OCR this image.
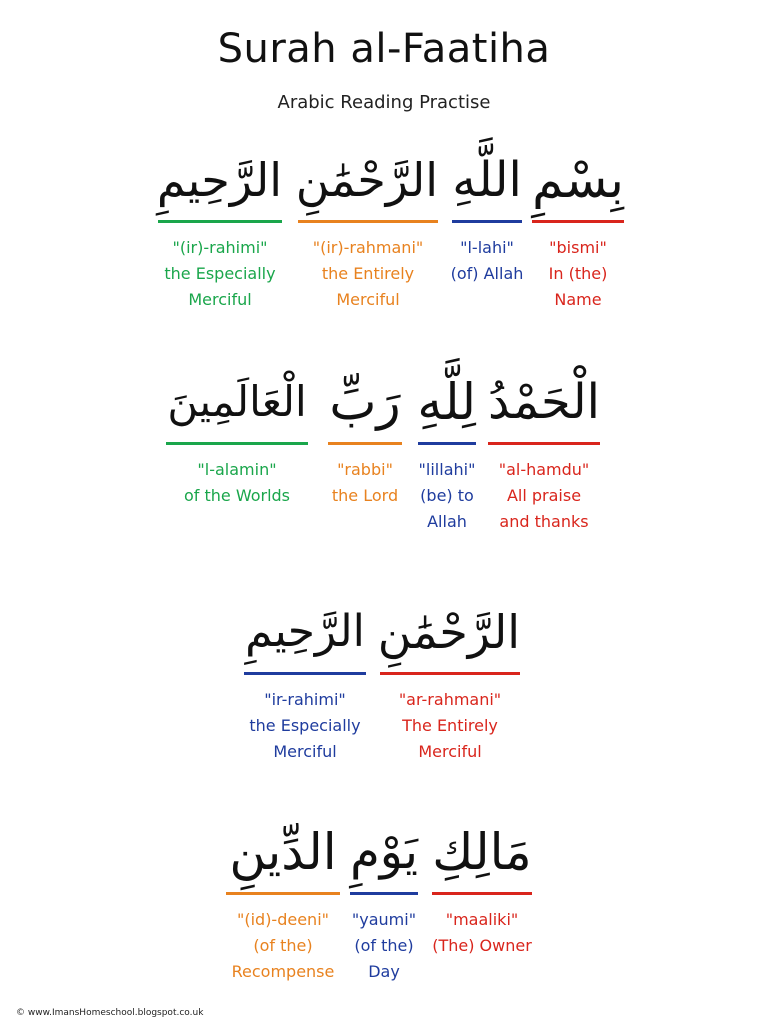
Surah al-Faatiha
Arabic Reading Practise
بِسْمِ
"bismi"
In (the)
Name
اللَّهِ
"l-lahi"
(of) Allah
الرَّحْمَٰنِ
"(ir)-rahmani"
the Entirely
Merciful
الرَّحِيمِ
"(ir)-rahimi"
the Especially
Merciful
الْحَمْدُ
"al-hamdu"
All praise
and thanks
لِلَّهِ
"lillahi"
(be) to
Allah
رَبِّ
"rabbi"
the Lord
الْعَالَمِينَ
"l-alamin"
of the Worlds
الرَّحْمَٰنِ
"ar-rahmani"
The Entirely
Merciful
الرَّحِيمِ
"ir-rahimi"
the Especially
Merciful
مَالِكِ
"maaliki"
(The) Owner
يَوْمِ
"yaumi"
(of the)
Day
الدِّينِ
"(id)-deeni"
(of the)
Recompense
© www.ImansHomeschool.blogspot.co.uk
